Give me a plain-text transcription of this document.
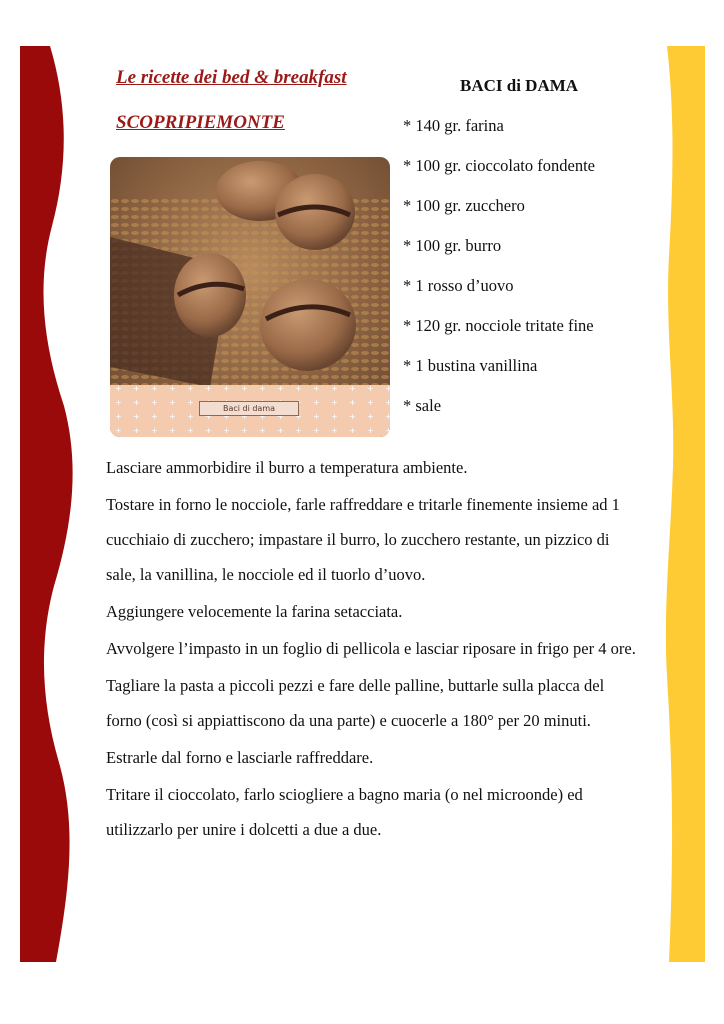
Le ricette dei bed & breakfast
SCOPRIPIEMONTE
BACI di DAMA
* 140 gr. farina
* 100 gr. cioccolato fondente
* 100 gr. zucchero
* 100 gr. burro
* 1 rosso d’uovo
* 120 gr. nocciole tritate fine
* 1 bustina vanillina
* sale
Baci di dama

Lasciare ammorbidire il burro a temperatura ambiente.

Tostare in forno le nocciole, farle raffreddare e tritarle finemente insieme ad 1 cucchiaio di zucchero; impastare il burro, lo zucchero restante, un pizzico di sale, la vanillina, le nocciole ed il tuorlo d’uovo.

Aggiungere velocemente la farina setacciata.

Avvolgere l’impasto in un foglio di pellicola e lasciar riposare in frigo per 4 ore.

Tagliare la pasta a piccoli pezzi e fare delle palline, buttarle sulla placca del forno (così si appiattiscono da una parte) e cuocerle a 180° per 20 minuti.

Estrarle dal forno e lasciarle raffreddare.

Tritare il cioccolato, farlo sciogliere a bagno maria (o nel microonde) ed utilizzarlo per unire i dolcetti a due a due.
